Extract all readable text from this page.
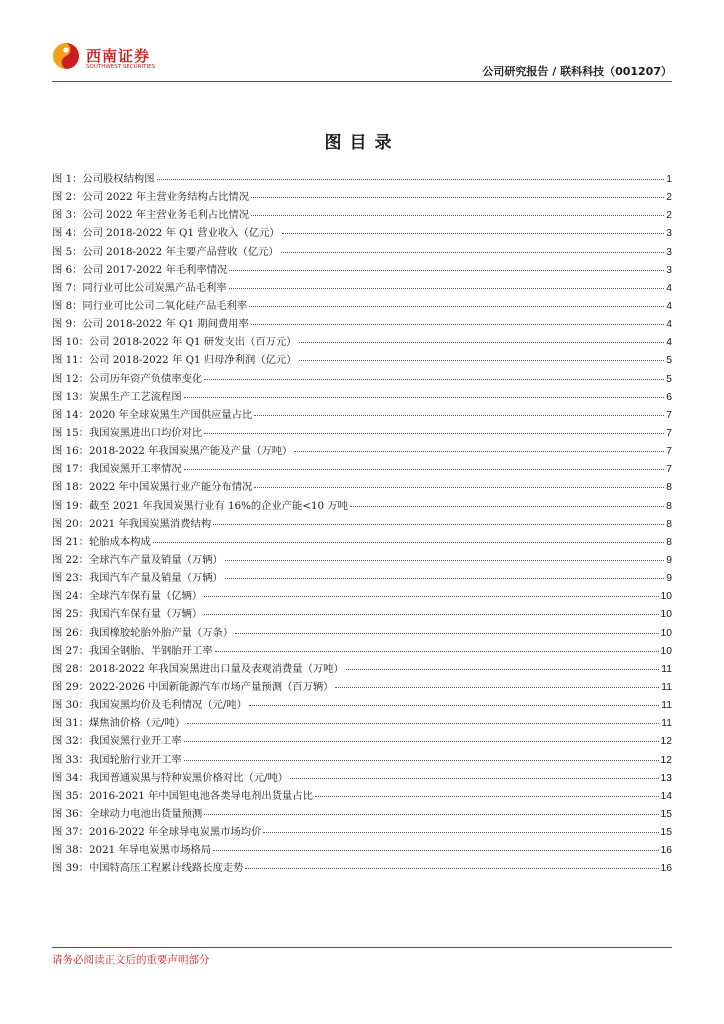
西南证券
SOUTHWEST SECURITIES	公司研究报告 / 联科科技（001207）
图目录
图 1：公司股权结构图	1
图 2：公司 2022 年主营业务结构占比情况	2
图 3：公司 2022 年主营业务毛利占比情况	2
图 4：公司 2018-2022 年 Q1 营业收入（亿元）	3
图 5：公司 2018-2022 年主要产品营收（亿元）	3
图 6：公司 2017-2022 年毛利率情况	3
图 7：同行业可比公司炭黑产品毛利率	4
图 8：同行业可比公司二氧化硅产品毛利率	4
图 9：公司 2018-2022 年 Q1 期间费用率	4
图 10：公司 2018-2022 年 Q1 研发支出（百万元）	4
图 11：公司 2018-2022 年 Q1 归母净利润（亿元）	5
图 12：公司历年资产负债率变化	5
图 13：炭黑生产工艺流程图	6
图 14：2020 年全球炭黑生产国供应量占比	7
图 15：我国炭黑进出口均价对比	7
图 16：2018-2022 年我国炭黑产能及产量（万吨）	7
图 17：我国炭黑开工率情况	7
图 18：2022 年中国炭黑行业产能分布情况	8
图 19：截至 2021 年我国炭黑行业有 16%的企业产能<10 万吨	8
图 20：2021 年我国炭黑消费结构	8
图 21：轮胎成本构成	8
图 22：全球汽车产量及销量（万辆）	9
图 23：我国汽车产量及销量（万辆）	9
图 24：全球汽车保有量（亿辆）	10
图 25：我国汽车保有量（万辆）	10
图 26：我国橡胶轮胎外胎产量（万条）	10
图 27：我国全钢胎、半钢胎开工率	10
图 28：2018-2022 年我国炭黑进出口量及表观消费量（万吨）	11
图 29：2022-2026 中国新能源汽车市场产量预测（百万辆）	11
图 30：我国炭黑均价及毛利情况（元/吨）	11
图 31：煤焦油价格（元/吨）	11
图 32：我国炭黑行业开工率	12
图 33：我国轮胎行业开工率	12
图 34：我国普通炭黑与特种炭黑价格对比（元/吨）	13
图 35：2016-2021 年中国钽电池各类导电剂出货量占比	14
图 36：全球动力电池出货量预测	15
图 37：2016-2022 年全球导电炭黑市场均价	15
图 38：2021 年导电炭黑市场格局	16
图 39：中国特高压工程累计线路长度走势	16
请务必阅读正文后的重要声明部分
